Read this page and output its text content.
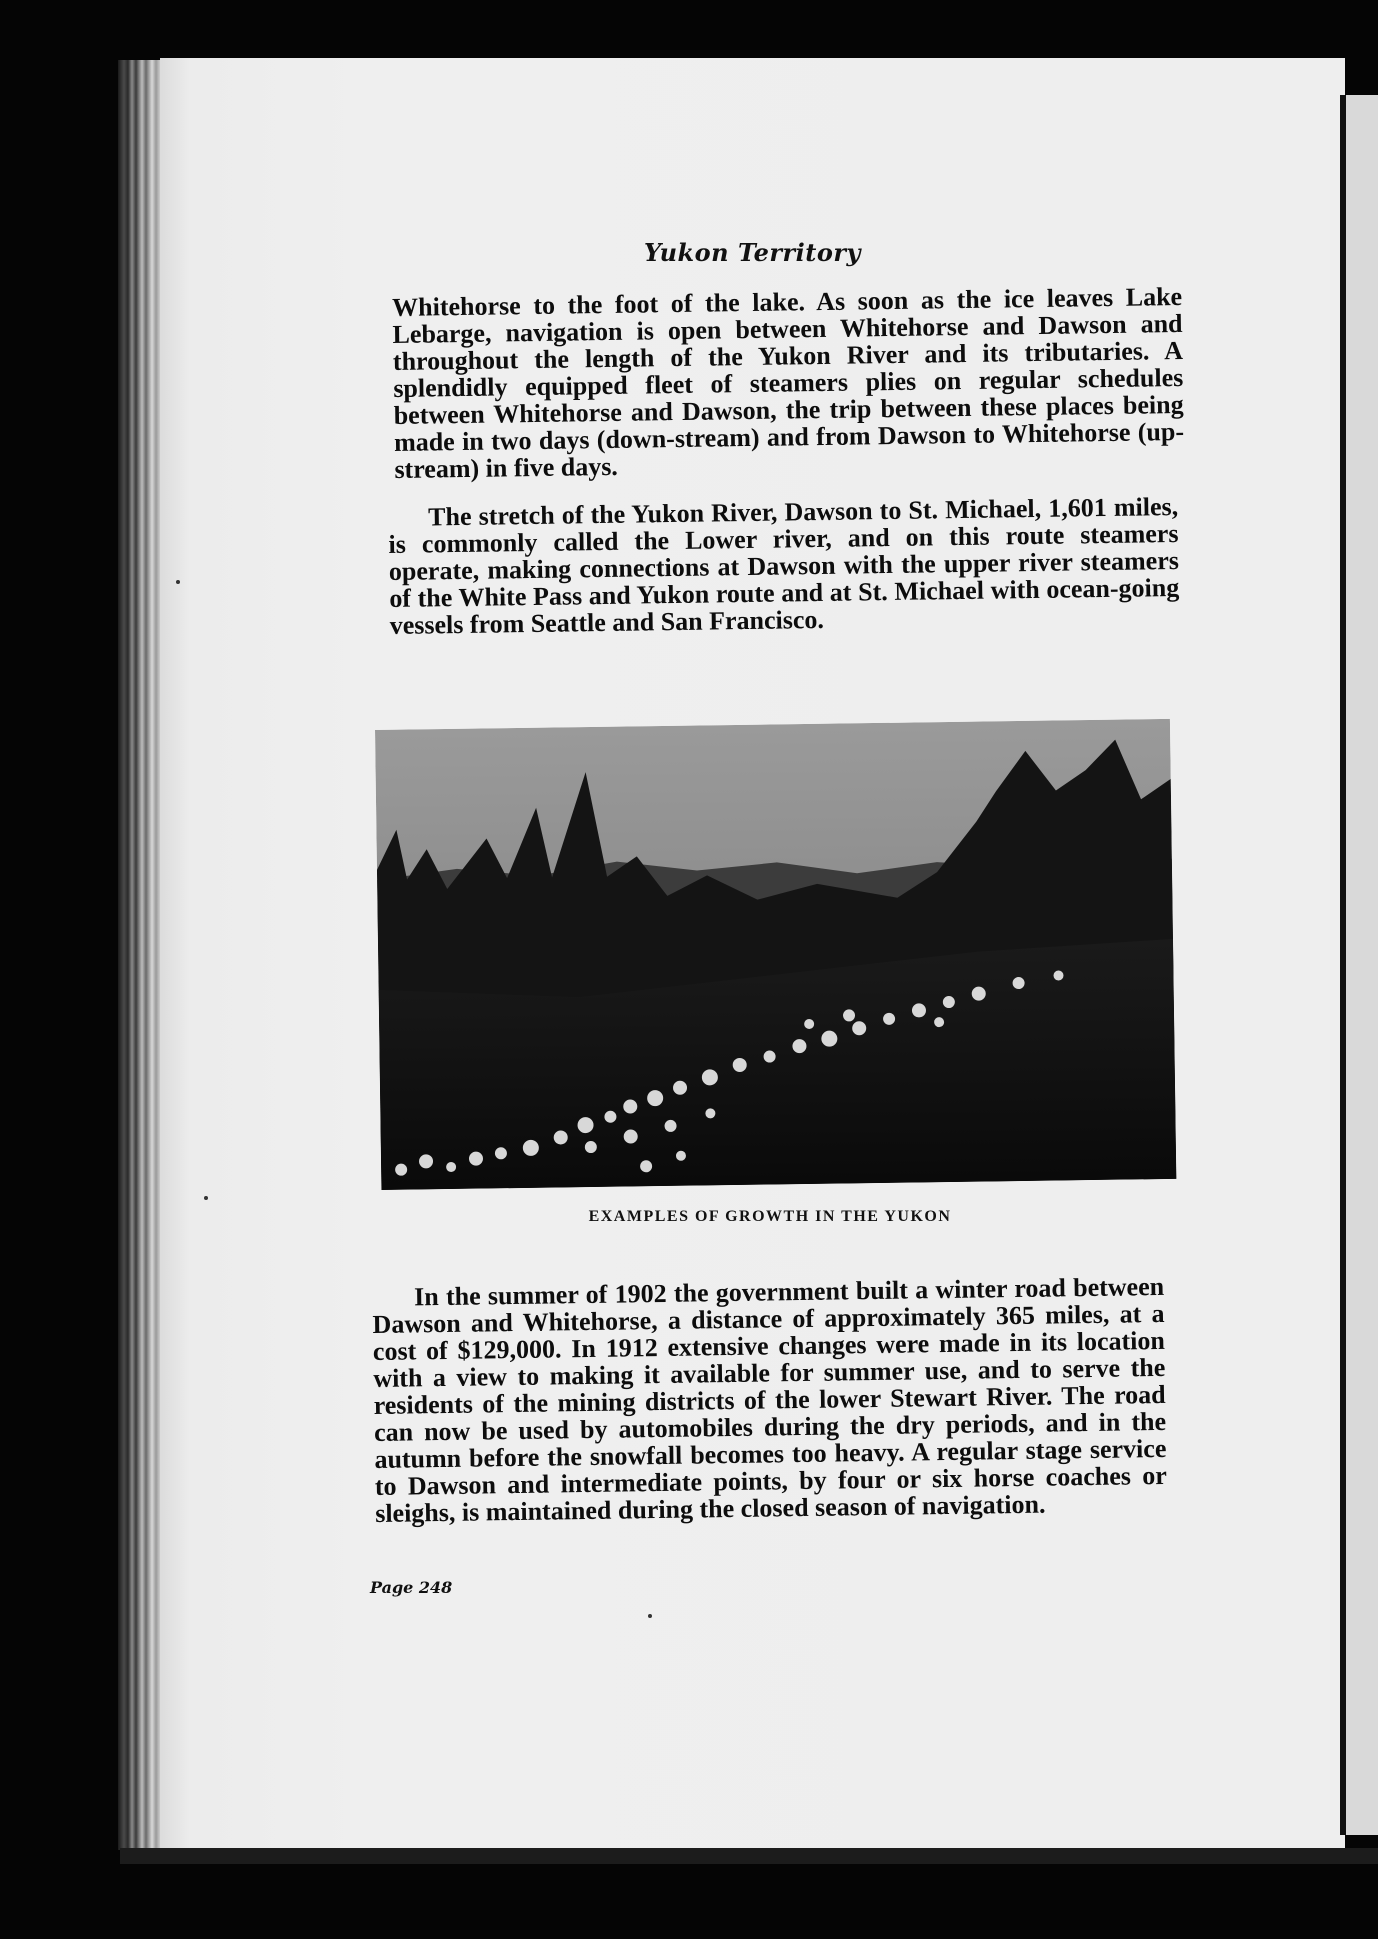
Yukon Territory

Whitehorse to the foot of the lake. As soon as the ice leaves Lake Lebarge, navigation is open between Whitehorse and Dawson and throughout the length of the Yukon River and its tributaries. A splendidly equipped fleet of steamers plies on regular schedules between Whitehorse and Dawson, the trip between these places being made in two days (down-stream) and from Dawson to Whitehorse (up-stream) in five days.

The stretch of the Yukon River, Dawson to St. Michael, 1,601 miles, is commonly called the Lower river, and on this route steamers operate, making connections at Dawson with the upper river steamers of the White Pass and Yukon route and at St. Michael with ocean-going vessels from Seattle and San Francisco.

EXAMPLES OF GROWTH IN THE YUKON

In the summer of 1902 the government built a winter road between Dawson and Whitehorse, a distance of approximately 365 miles, at a cost of $129,000. In 1912 extensive changes were made in its location with a view to making it available for summer use, and to serve the residents of the mining districts of the lower Stewart River. The road can now be used by automobiles during the dry periods, and in the autumn before the snowfall becomes too heavy. A regular stage service to Dawson and intermediate points, by four or six horse coaches or sleighs, is maintained during the closed season of navigation.

Page 248
